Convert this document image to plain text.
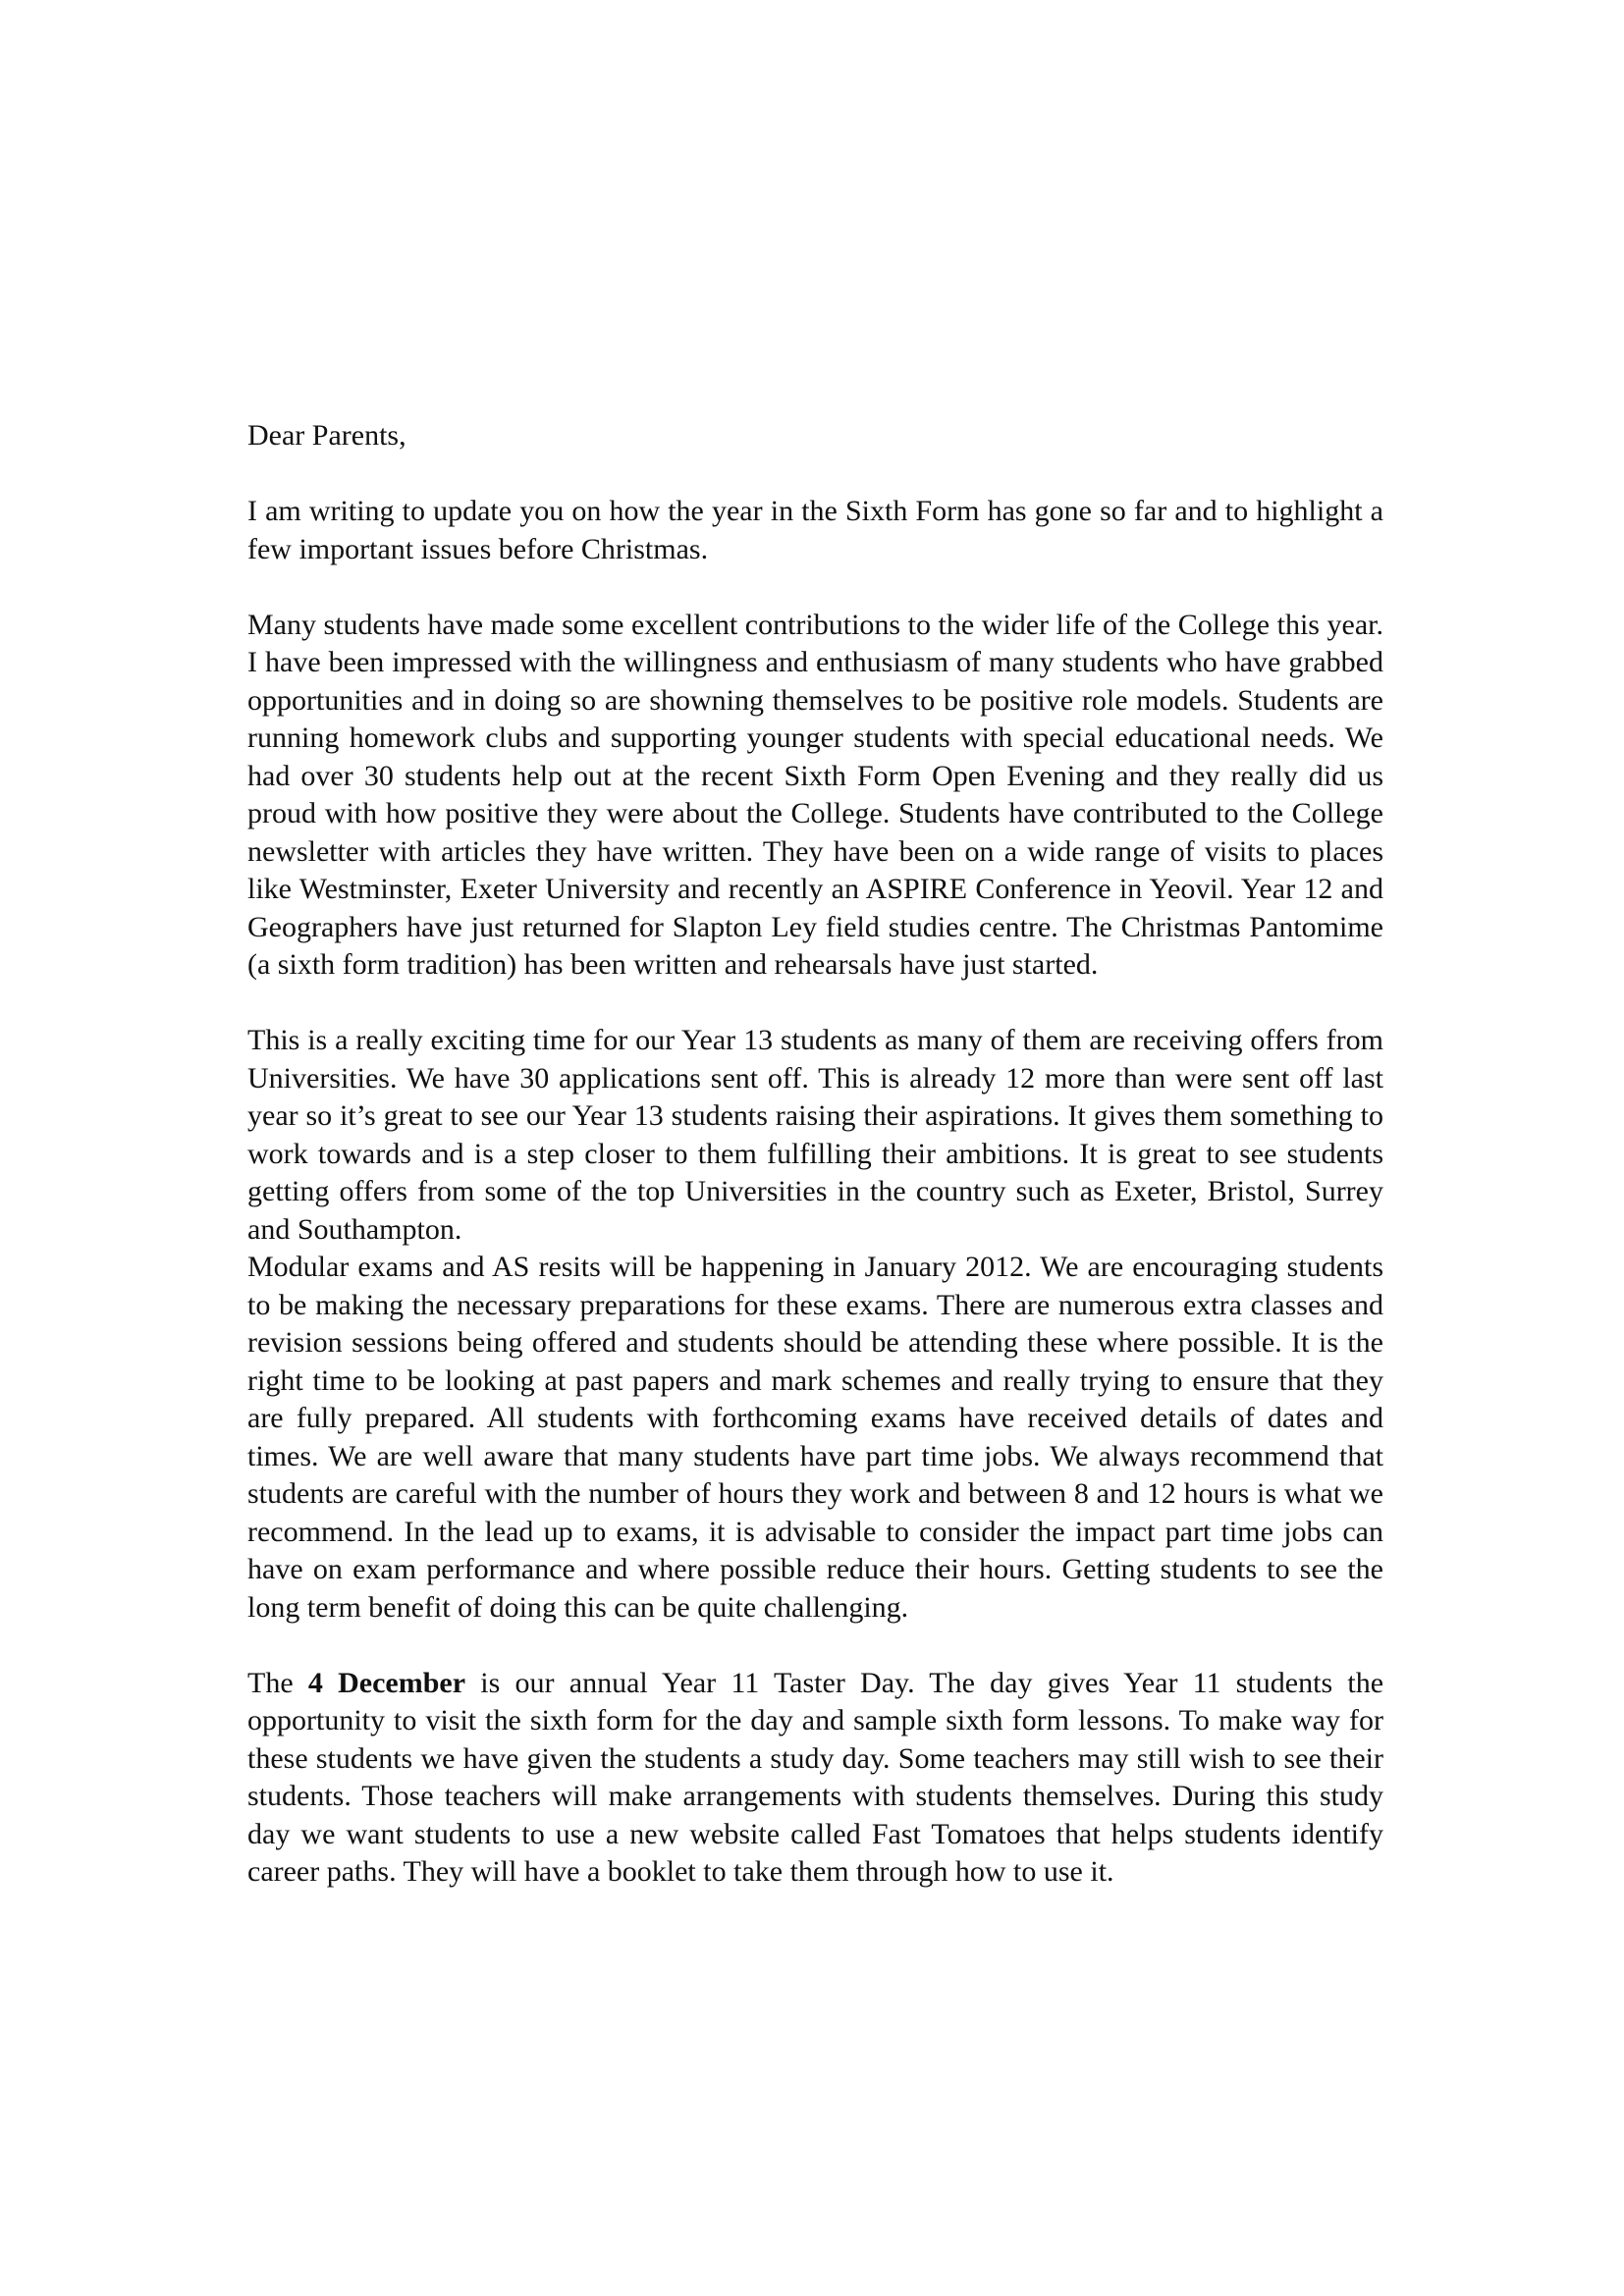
Dear Parents,

I am writing to update you on how the year in the Sixth Form has gone so far and to highlight a few important issues before Christmas.

Many students have made some excellent contributions to the wider life of the College this year. I have been impressed with the willingness and enthusiasm of many students who have grabbed opportunities and in doing so are showning themselves to be positive role models. Students are running homework clubs and supporting younger students with special educational needs. We had over 30 students help out at the recent Sixth Form Open Evening and they really did us proud with how positive they were about the College. Students have contributed to the College newsletter with articles they have written. They have been on a wide range of visits to places like Westminster, Exeter University and recently an ASPIRE Conference in Yeovil. Year 12 and Geographers have just returned for Slapton Ley field studies centre. The Christmas Pantomime (a sixth form tradition) has been written and rehearsals have just started.

This is a really exciting time for our Year 13 students as many of them are receiving offers from Universities. We have 30 applications sent off. This is already 12 more than were sent off last year so it’s great to see our Year 13 students raising their aspirations. It gives them something to work towards and is a step closer to them fulfilling their ambitions. It is great to see students getting offers from some of the top Universities in the country such as Exeter, Bristol, Surrey and Southampton.

Modular exams and AS resits will be happening in January 2012. We are encouraging students to be making the necessary preparations for these exams. There are numerous extra classes and revision sessions being offered and students should be attending these where possible. It is the right time to be looking at past papers and mark schemes and really trying to ensure that they are fully prepared. All students with forthcoming exams have received details of dates and times. We are well aware that many students have part time jobs. We always recommend that students are careful with the number of hours they work and between 8 and 12 hours is what we recommend. In the lead up to exams, it is advisable to consider the impact part time jobs can have on exam performance and where possible reduce their hours. Getting students to see the long term benefit of doing this can be quite challenging.

The 4 December is our annual Year 11 Taster Day. The day gives Year 11 students the opportunity to visit the sixth form for the day and sample sixth form lessons. To make way for these students we have given the students a study day. Some teachers may still wish to see their students. Those teachers will make arrangements with students themselves. During this study day we want students to use a new website called Fast Tomatoes that helps students identify career paths. They will have a booklet to take them through how to use it.
